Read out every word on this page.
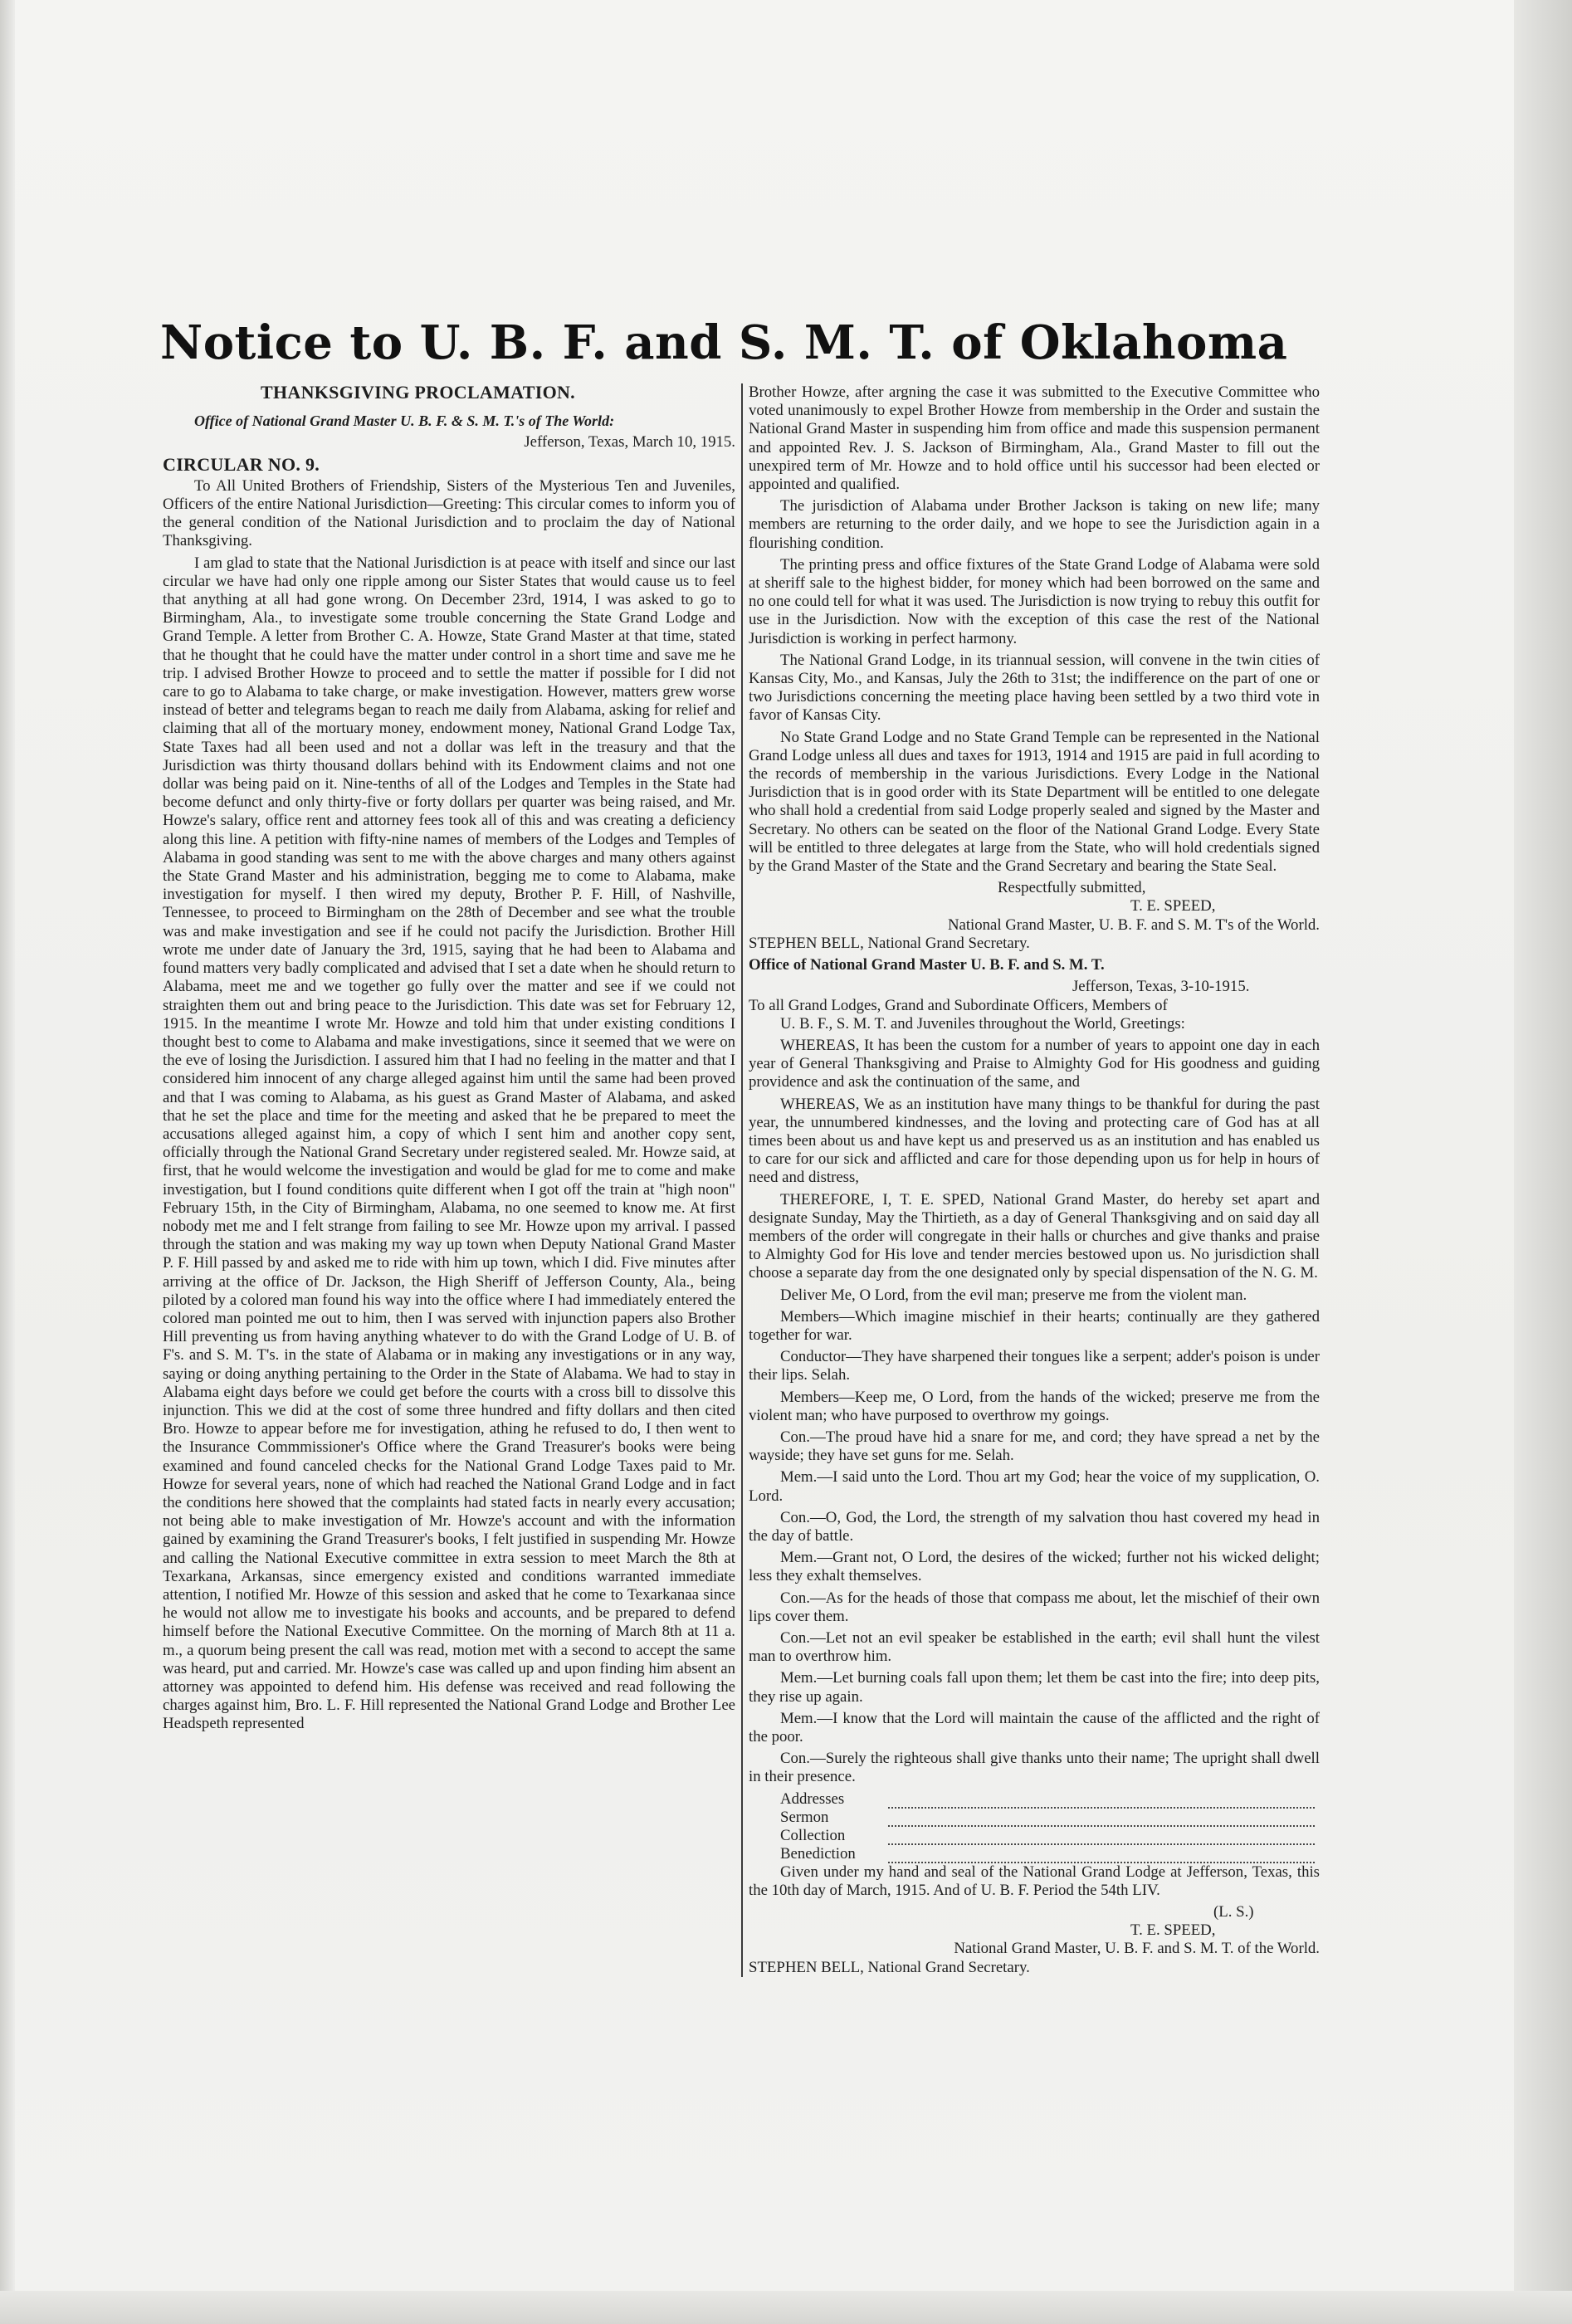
Notice to U. B. F. and S. M. T. of Oklahoma
THANKSGIVING PROCLAMATION.

Office of National Grand Master U. B. F. & S. M. T.'s of The World:

Jefferson, Texas, March 10, 1915.

CIRCULAR NO. 9.

To All United Brothers of Friendship, Sisters of the Mysterious Ten and Juveniles, Officers of the entire National Jurisdiction—Greeting: This circular comes to inform you of the general condition of the National Jurisdiction and to proclaim the day of National Thanksgiving.

I am glad to state that the National Jurisdiction is at peace with itself and since our last circular we have had only one ripple among our Sister States that would cause us to feel that anything at all had gone wrong. On December 23rd, 1914, I was asked to go to Birmingham, Ala., to investigate some trouble concerning the State Grand Lodge and Grand Temple. A letter from Brother C. A. Howze, State Grand Master at that time, stated that he thought that he could have the matter under control in a short time and save me he trip. I advised Brother Howze to proceed and to settle the matter if possible for I did not care to go to Alabama to take charge, or make investigation. However, matters grew worse instead of better and telegrams began to reach me daily from Alabama, asking for relief and claiming that all of the mortuary money, endowment money, National Grand Lodge Tax, State Taxes had all been used and not a dollar was left in the treasury and that the Jurisdiction was thirty thousand dollars behind with its Endowment claims and not one dollar was being paid on it. Nine-tenths of all of the Lodges and Temples in the State had become defunct and only thirty-five or forty dollars per quarter was being raised, and Mr. Howze's salary, office rent and attorney fees took all of this and was creating a deficiency along this line. A petition with fifty-nine names of members of the Lodges and Temples of Alabama in good standing was sent to me with the above charges and many others against the State Grand Master and his administration, begging me to come to Alabama, make investigation for myself. I then wired my deputy, Brother P. F. Hill, of Nashville, Tennessee, to proceed to Birmingham on the 28th of December and see what the trouble was and make investigation and see if he could not pacify the Jurisdiction. Brother Hill wrote me under date of January the 3rd, 1915, saying that he had been to Alabama and found matters very badly complicated and advised that I set a date when he should return to Alabama, meet me and we together go fully over the matter and see if we could not straighten them out and bring peace to the Jurisdiction. This date was set for February 12, 1915. In the meantime I wrote Mr. Howze and told him that under existing conditions I thought best to come to Alabama and make investigations, since it seemed that we were on the eve of losing the Jurisdiction. I assured him that I had no feeling in the matter and that I considered him innocent of any charge alleged against him until the same had been proved and that I was coming to Alabama, as his guest as Grand Master of Alabama, and asked that he set the place and time for the meeting and asked that he be prepared to meet the accusations alleged against him, a copy of which I sent him and another copy sent, officially through the National Grand Secretary under registered sealed. Mr. Howze said, at first, that he would welcome the investigation and would be glad for me to come and make investigation, but I found conditions quite different when I got off the train at "high noon" February 15th, in the City of Birmingham, Alabama, no one seemed to know me. At first nobody met me and I felt strange from failing to see Mr. Howze upon my arrival. I passed through the station and was making my way up town when Deputy National Grand Master P. F. Hill passed by and asked me to ride with him up town, which I did. Five minutes after arriving at the office of Dr. Jackson, the High Sheriff of Jefferson County, Ala., being piloted by a colored man found his way into the office where I had immediately entered the colored man pointed me out to him, then I was served with injunction papers also Brother Hill preventing us from having anything whatever to do with the Grand Lodge of U. B. of F's. and S. M. T's. in the state of Alabama or in making any investigations or in any way, saying or doing anything pertaining to the Order in the State of Alabama. We had to stay in Alabama eight days before we could get before the courts with a cross bill to dissolve this injunction. This we did at the cost of some three hundred and fifty dollars and then cited Bro. Howze to appear before me for investigation, athing he refused to do, I then went to the Insurance Commmissioner's Office where the Grand Treasurer's books were being examined and found canceled checks for the National Grand Lodge Taxes paid to Mr. Howze for several years, none of which had reached the National Grand Lodge and in fact the conditions here showed that the complaints had stated facts in nearly every accusation; not being able to make investigation of Mr. Howze's account and with the information gained by examining the Grand Treasurer's books, I felt justified in suspending Mr. Howze and calling the National Executive committee in extra session to meet March the 8th at Texarkana, Arkansas, since emergency existed and conditions warranted immediate attention, I notified Mr. Howze of this session and asked that he come to Texarkanaa since he would not allow me to investigate his books and accounts, and be prepared to defend himself before the National Executive Committee. On the morning of March 8th at 11 a. m., a quorum being present the call was read, motion met with a second to accept the same was heard, put and carried. Mr. Howze's case was called up and upon finding him absent an attorney was appointed to defend him. His defense was received and read following the charges against him, Bro. L. F. Hill represented the National Grand Lodge and Brother Lee Headspeth represented

Brother Howze, after argning the case it was submitted to the Executive Committee who voted unanimously to expel Brother Howze from membership in the Order and sustain the National Grand Master in suspending him from office and made this suspension permanent and appointed Rev. J. S. Jackson of Birmingham, Ala., Grand Master to fill out the unexpired term of Mr. Howze and to hold office until his successor had been elected or appointed and qualified.

The jurisdiction of Alabama under Brother Jackson is taking on new life; many members are returning to the order daily, and we hope to see the Jurisdiction again in a flourishing condition.

The printing press and office fixtures of the State Grand Lodge of Alabama were sold at sheriff sale to the highest bidder, for money which had been borrowed on the same and no one could tell for what it was used. The Jurisdiction is now trying to rebuy this outfit for use in the Jurisdiction. Now with the exception of this case the rest of the National Jurisdiction is working in perfect harmony.

The National Grand Lodge, in its triannual session, will convene in the twin cities of Kansas City, Mo., and Kansas, July the 26th to 31st; the indifference on the part of one or two Jurisdictions concerning the meeting place having been settled by a two third vote in favor of Kansas City.

No State Grand Lodge and no State Grand Temple can be represented in the National Grand Lodge unless all dues and taxes for 1913, 1914 and 1915 are paid in full acording to the records of membership in the various Jurisdictions. Every Lodge in the National Jurisdiction that is in good order with its State Department will be entitled to one delegate who shall hold a credential from said Lodge properly sealed and signed by the Master and Secretary. No others can be seated on the floor of the National Grand Lodge. Every State will be entitled to three delegates at large from the State, who will hold credentials signed by the Grand Master of the State and the Grand Secretary and bearing the State Seal.

Respectfully submitted,

T. E. SPEED,

National Grand Master, U. B. F. and S. M. T's of the World.

STEPHEN BELL, National Grand Secretary.

Office of National Grand Master U. B. F. and S. M. T.

Jefferson, Texas, 3-10-1915.

To all Grand Lodges, Grand and Subordinate Officers, Members of

U. B. F., S. M. T. and Juveniles throughout the World, Greetings:

WHEREAS, It has been the custom for a number of years to appoint one day in each year of General Thanksgiving and Praise to Almighty God for His goodness and guiding providence and ask the continuation of the same, and

WHEREAS, We as an institution have many things to be thankful for during the past year, the unnumbered kindnesses, and the loving and protecting care of God has at all times been about us and have kept us and preserved us as an institution and has enabled us to care for our sick and afflicted and care for those depending upon us for help in hours of need and distress,

THEREFORE, I, T. E. SPED, National Grand Master, do hereby set apart and designate Sunday, May the Thirtieth, as a day of General Thanksgiving and on said day all members of the order will congregate in their halls or churches and give thanks and praise to Almighty God for His love and tender mercies bestowed upon us. No jurisdiction shall choose a separate day from the one designated only by special dispensation of the N. G. M.

Deliver Me, O Lord, from the evil man; preserve me from the violent man.

Members—Which imagine mischief in their hearts; continually are they gathered together for war.

Conductor—They have sharpened their tongues like a serpent; adder's poison is under their lips. Selah.

Members—Keep me, O Lord, from the hands of the wicked; preserve me from the violent man; who have purposed to overthrow my goings.

Con.—The proud have hid a snare for me, and cord; they have spread a net by the wayside; they have set guns for me. Selah.

Mem.—I said unto the Lord. Thou art my God; hear the voice of my supplication, O. Lord.

Con.—O, God, the Lord, the strength of my salvation thou hast covered my head in the day of battle.

Mem.—Grant not, O Lord, the desires of the wicked; further not his wicked delight; less they exhalt themselves.

Con.—As for the heads of those that compass me about, let the mischief of their own lips cover them.

Con.—Let not an evil speaker be established in the earth; evil shall hunt the vilest man to overthrow him.

Mem.—Let burning coals fall upon them; let them be cast into the fire; into deep pits, they rise up again.

Mem.—I know that the Lord will maintain the cause of the afflicted and the right of the poor.

Con.—Surely the righteous shall give thanks unto their name; The upright shall dwell in their presence.

Addresses
Sermon
Collection
Benediction

Given under my hand and seal of the National Grand Lodge at Jefferson, Texas, this the 10th day of March, 1915. And of U. B. F. Period the 54th LIV.

(L. S.)

T. E. SPEED,

National Grand Master, U. B. F. and S. M. T. of the World.

STEPHEN BELL, National Grand Secretary.
